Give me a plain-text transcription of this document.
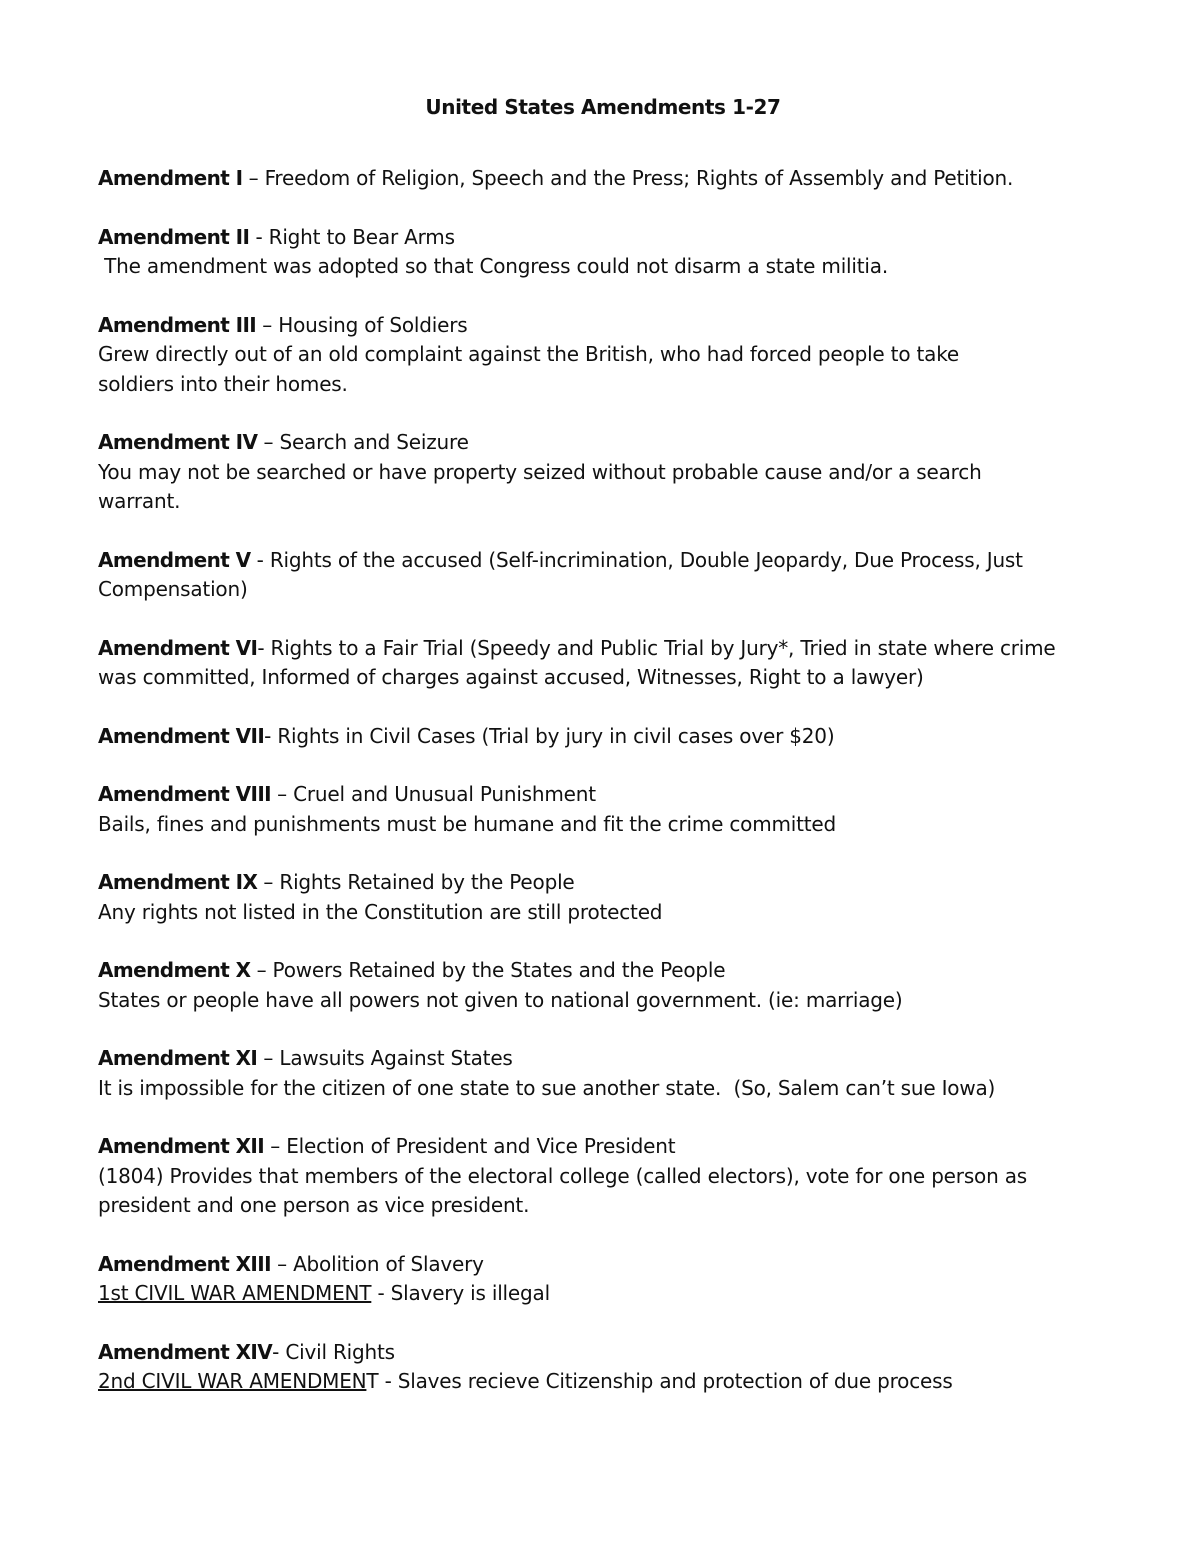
United States Amendments 1-27

Amendment I – Freedom of Religion, Speech and the Press; Rights of Assembly and Petition.

Amendment II - Right to Bear Arms

The amendment was adopted so that Congress could not disarm a state militia.

Amendment III – Housing of Soldiers

Grew directly out of an old complaint against the British, who had forced people to take soldiers into their homes.

Amendment IV – Search and Seizure

You may not be searched or have property seized without probable cause and/or a search warrant.

Amendment V - Rights of the accused (Self-incrimination, Double Jeopardy, Due Process, Just Compensation)

Amendment VI- Rights to a Fair Trial (Speedy and Public Trial by Jury*, Tried in state where crime was committed, Informed of charges against accused, Witnesses, Right to a lawyer)

Amendment VII- Rights in Civil Cases (Trial by jury in civil cases over $20)

Amendment VIII – Cruel and Unusual Punishment

Bails, fines and punishments must be humane and fit the crime committed

Amendment IX – Rights Retained by the People

Any rights not listed in the Constitution are still protected

Amendment X – Powers Retained by the States and the People

States or people have all powers not given to national government. (ie: marriage)

Amendment XI – Lawsuits Against States

It is impossible for the citizen of one state to sue another state.  (So, Salem can’t sue Iowa)

Amendment XII – Election of President and Vice President

(1804) Provides that members of the electoral college (called electors), vote for one person as president and one person as vice president.

Amendment XIII – Abolition of Slavery

1st CIVIL WAR AMENDMENT - Slavery is illegal

Amendment XIV- Civil Rights

2nd CIVIL WAR AMENDMENT - Slaves recieve Citizenship and protection of due process
